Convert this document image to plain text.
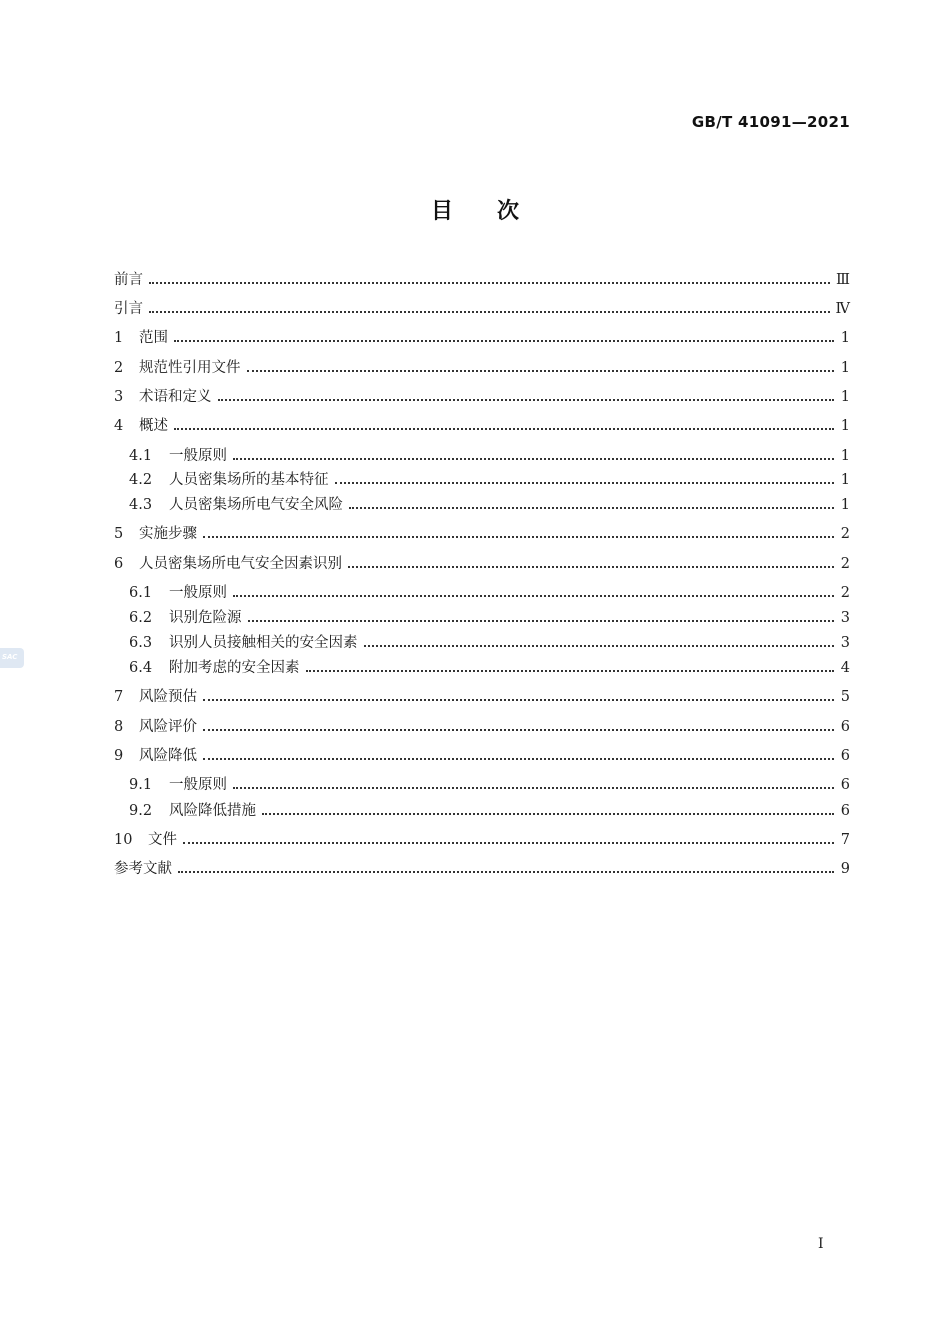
GB/T 41091—2021
目次
SAC
前言	Ⅲ
引言	Ⅳ
1	范围	1
2	规范性引用文件	1
3	术语和定义	1
4	概述	1
4.1	一般原则	1
4.2	人员密集场所的基本特征	1
4.3	人员密集场所电气安全风险	1
5	实施步骤	2
6	人员密集场所电气安全因素识别	2
6.1	一般原则	2
6.2	识别危险源	3
6.3	识别人员接触相关的安全因素	3
6.4	附加考虑的安全因素	4
7	风险预估	5
8	风险评价	6
9	风险降低	6
9.1	一般原则	6
9.2	风险降低措施	6
10	文件	7
参考文献	9
I
